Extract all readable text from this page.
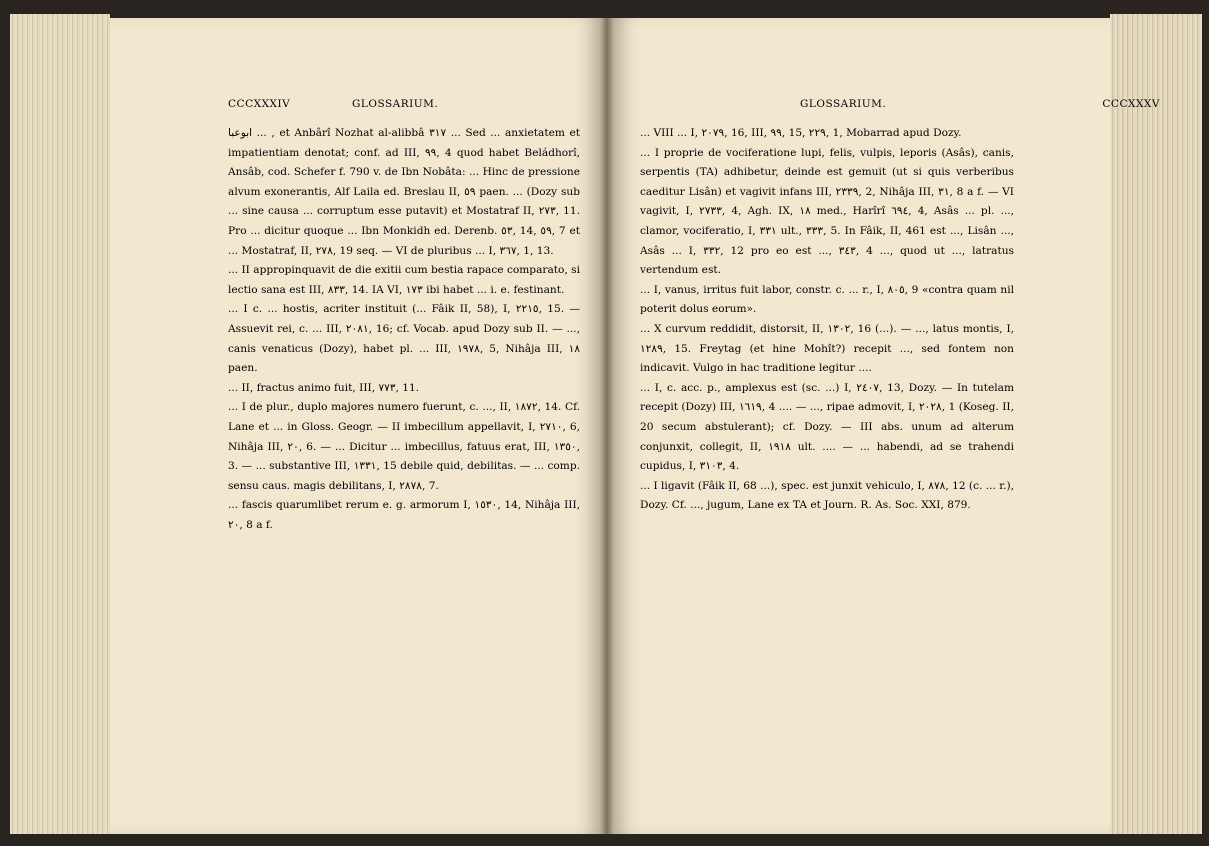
CCCXXXIV	GLOSSARIUM.	GLOSSARIUM.	CCCXXXV

ابوعبا ... , et Anbârî Nozhat al-alibbâ ٣١٧ ... Sed ... anxietatem et impatientiam denotat; conf. ad III, ٩٩, 4 quod habet Beládhorî, Ansâb, cod. Schefer f. 790 v. de Ibn Nobâta: ... Hinc de pressione alvum exonerantis, Alf Laila ed. Breslau II, ٥٩ paen. ... (Dozy sub ... sine causa ... corruptum esse putavit) et Mostatraf II, ٢٧٣, 11. Pro ... dicitur quoque ... Ibn Monkidh ed. Derenb. ٥٣, 14, ٥٩, 7 et ... Mostatraf, II, ٢٧٨, 19 seq. — VI de pluribus ... I, ٣٦٧, 1, 13.

... II appropinquavit de die exitii cum bestia rapace comparato, si lectio sana est III, ٨٣٣, 14. IA VI, ١٧٣ ibi habet ... i. e. festinant.

... I c. ... hostis, acriter instituit (... Fâik II, 58), I, ٢٢١٥, 15. — Assuevit rei, c. ... III, ٢٠٨١, 16; cf. Vocab. apud Dozy sub II. — ..., canis venaticus (Dozy), habet pl. ... III, ١٩٧٨, 5, Nihâja III, ١٨ paen.

... II, fractus animo fuit, III, ٧٧٣, 11.

... I de plur., duplo majores numero fuerunt, c. ..., II, ١٨٧٢, 14. Cf. Lane et ... in Gloss. Geogr. — II imbecillum appellavit, I, ٢٧١٠, 6, Nihâja III, ٢٠, 6. — ... Dicitur ... imbecillus, fatuus erat, III, ١٣٥٠, 3. — ... substantive III, ١٣٣١, 15 debile quid, debilitas. — ... comp. sensu caus. magis debilitans, I, ٢٨٧٨, 7.

... fascis quarumlibet rerum e. g. armorum I, ١٥٣٠, 14, Nihâja III, ٢٠, 8 a f.

... VIII ... I, ٢٠٧٩, 16, III, ٩٩, 15, ٢٢٩, 1, Mobarrad apud Dozy.

... I proprie de vociferatione lupi, felis, vulpis, leporis (Asâs), canis, serpentis (TA) adhibetur, deinde est gemuit (ut si quis verberibus caeditur Lisân) et vagivit infans III, ٢٣٣٩, 2, Nihâja III, ٣١, 8 a f. — VI vagivit, I, ٢٧٣٣, 4, Agh. IX, ١٨ med., Harîrî ٦٩٤, 4, Asâs ... pl. ..., clamor, vociferatio, I, ٣٣١ ult., ٣٣٣, 5. In Fâik, II, 461 est ..., Lisân ..., Asâs ... I, ٣٣٢, 12 pro eo est ..., ٣٤٣, 4 ..., quod ut ..., latratus vertendum est.

... I, vanus, irritus fuit labor, constr. c. ... r., I, ٨٠٥, 9 «contra quam nil poterit dolus eorum».

... X curvum reddidit, distorsit, II, ١٣٠٢, 16 (...). — ..., latus montis, I, ١٢٨٩, 15. Freytag (et hine Mohît?) recepit ..., sed fontem non indicavit. Vulgo in hac traditione legitur ....

... I, c. acc. p., amplexus est (sc. ...) I, ٢٤٠٧, 13, Dozy. — In tutelam recepit (Dozy) III, ١٦١٩, 4 .... — ..., ripae admovit, I, ٢٠٢٨, 1 (Koseg. II, 20 secum abstulerant); cf. Dozy. — III abs. unum ad alterum conjunxit, collegit, II, ١٩١٨ ult. .... — ... habendi, ad se trahendi cupidus, I, ٣١٠٣, 4.

... I ligavit (Fâik II, 68 ...), spec. est junxit vehiculo, I, ٨٧٨, 12 (c. ... r.), Dozy. Cf. ..., jugum, Lane ex TA et Journ. R. As. Soc. XXI, 879.
